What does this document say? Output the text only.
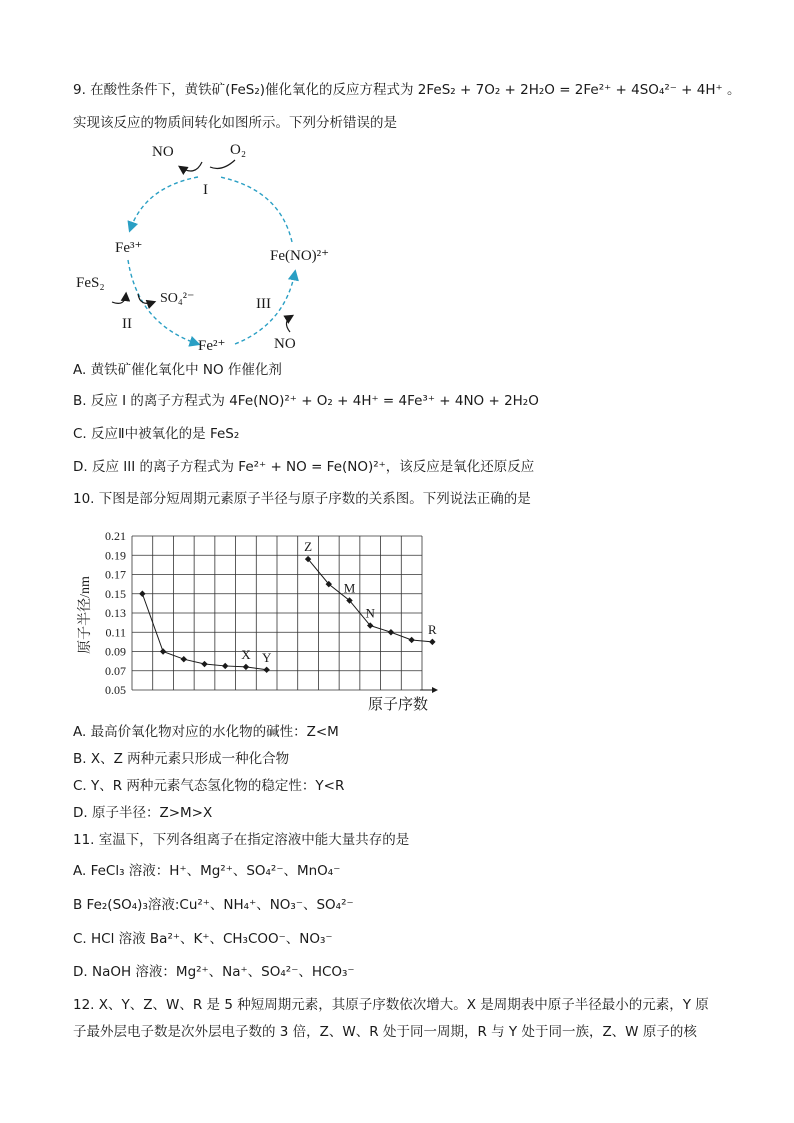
9. 在酸性条件下，黄铁矿(FeS₂)催化氧化的反应方程式为 2FeS₂ + 7O₂ + 2H₂O = 2Fe²⁺ + 4SO₄²⁻ + 4H⁺ 。
实现该反应的物质间转化如图所示。下列分析错误的是
NO	O₂
I
Fe³⁺	Fe(NO)²⁺
FeS₂
SO₄²⁻
II
III
Fe²⁺	NO
A. 黄铁矿催化氧化中 NO 作催化剂
B. 反应 I 的离子方程式为 4Fe(NO)²⁺ + O₂ + 4H⁺ = 4Fe³⁺ + 4NO + 2H₂O
C. 反应Ⅱ中被氧化的是 FeS₂
D. 反应 III 的离子方程式为 Fe²⁺ + NO = Fe(NO)²⁺，该反应是氧化还原反应
10. 下图是部分短周期元素原子半径与原子序数的关系图。下列说法正确的是
0.21
0.19
0.17
0.15
0.13
0.11
0.09
0.07
0.05
X Y
Z
M
N
R
原子半径/nm
原子序数
A. 最高价氧化物对应的水化物的碱性：Z<M
B. X、Z 两种元素只形成一种化合物
C. Y、R 两种元素气态氢化物的稳定性：Y<R
D. 原子半径：Z>M>X
11. 室温下，下列各组离子在指定溶液中能大量共存的是
A. FeCl₃ 溶液：H⁺、Mg²⁺、SO₄²⁻、MnO₄⁻
B Fe₂(SO₄)₃溶液:Cu²⁺、NH₄⁺、NO₃⁻、SO₄²⁻
C. HCl 溶液 Ba²⁺、K⁺、CH₃COO⁻、NO₃⁻
D. NaOH 溶液：Mg²⁺、Na⁺、SO₄²⁻、HCO₃⁻
12. X、Y、Z、W、R 是 5 种短周期元素，其原子序数依次增大。X 是周期表中原子半径最小的元素，Y 原
子最外层电子数是次外层电子数的 3 倍，Z、W、R 处于同一周期，R 与 Y 处于同一族，Z、W 原子的核
